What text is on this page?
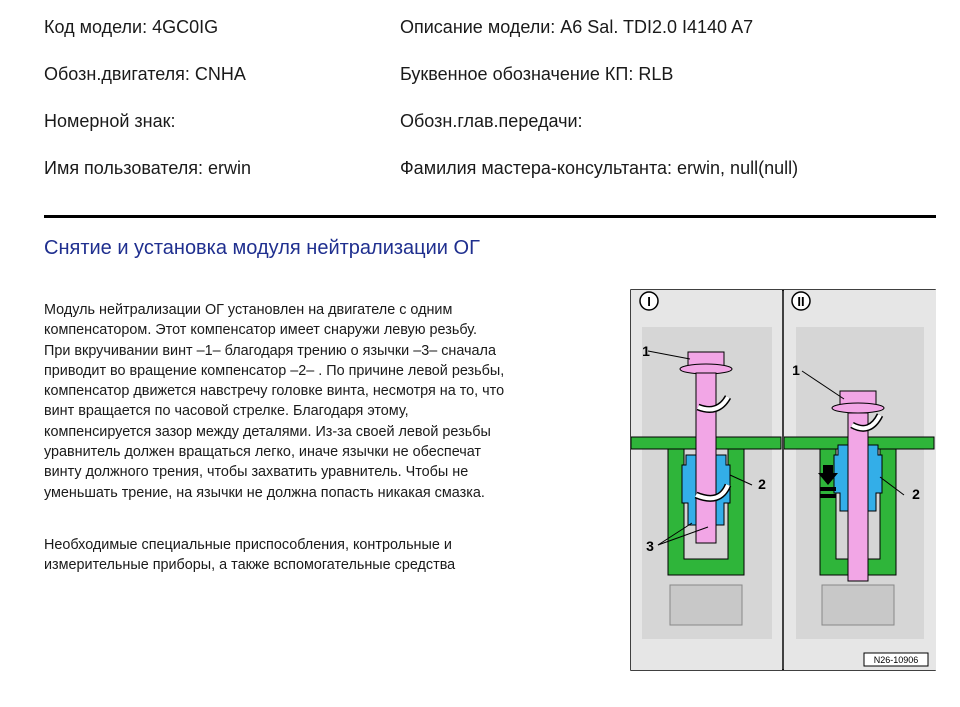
Код модели: 4GC0IG	Описание модели: A6 Sal. TDI2.0 I4140 A7
Обозн.двигателя: CNHA	Буквенное обозначение КП: RLB
Номерной знак:	Обозн.глав.передачи:
Имя пользователя: erwin	Фамилия мастера-консультанта: erwin, null(null)
Снятие и установка модуля нейтрализации ОГ
Модуль нейтрализации ОГ установлен на двигателе с одним
компенсатором. Этот компенсатор имеет снаружи левую резьбу.
При вкручивании винт –1– благодаря трению о язычки –3– сначала
приводит во вращение компенсатор –2– . По причине левой резьбы,
компенсатор движется навстречу головке винта, несмотря на то, что
винт вращается по часовой стрелке. Благодаря этому,
компенсируется зазор между деталями. Из-за своей левой резьбы
уравнитель должен вращаться легко, иначе язычки не обеспечат
винту должного трения, чтобы захватить уравнитель. Чтобы не
уменьшать трение, на язычки не должна попасть никакая смазка.
Необходимые специальные приспособления, контрольные и
измерительные приборы, а также вспомогательные средства
I	II
1
2
3
1
2
N26-10906
